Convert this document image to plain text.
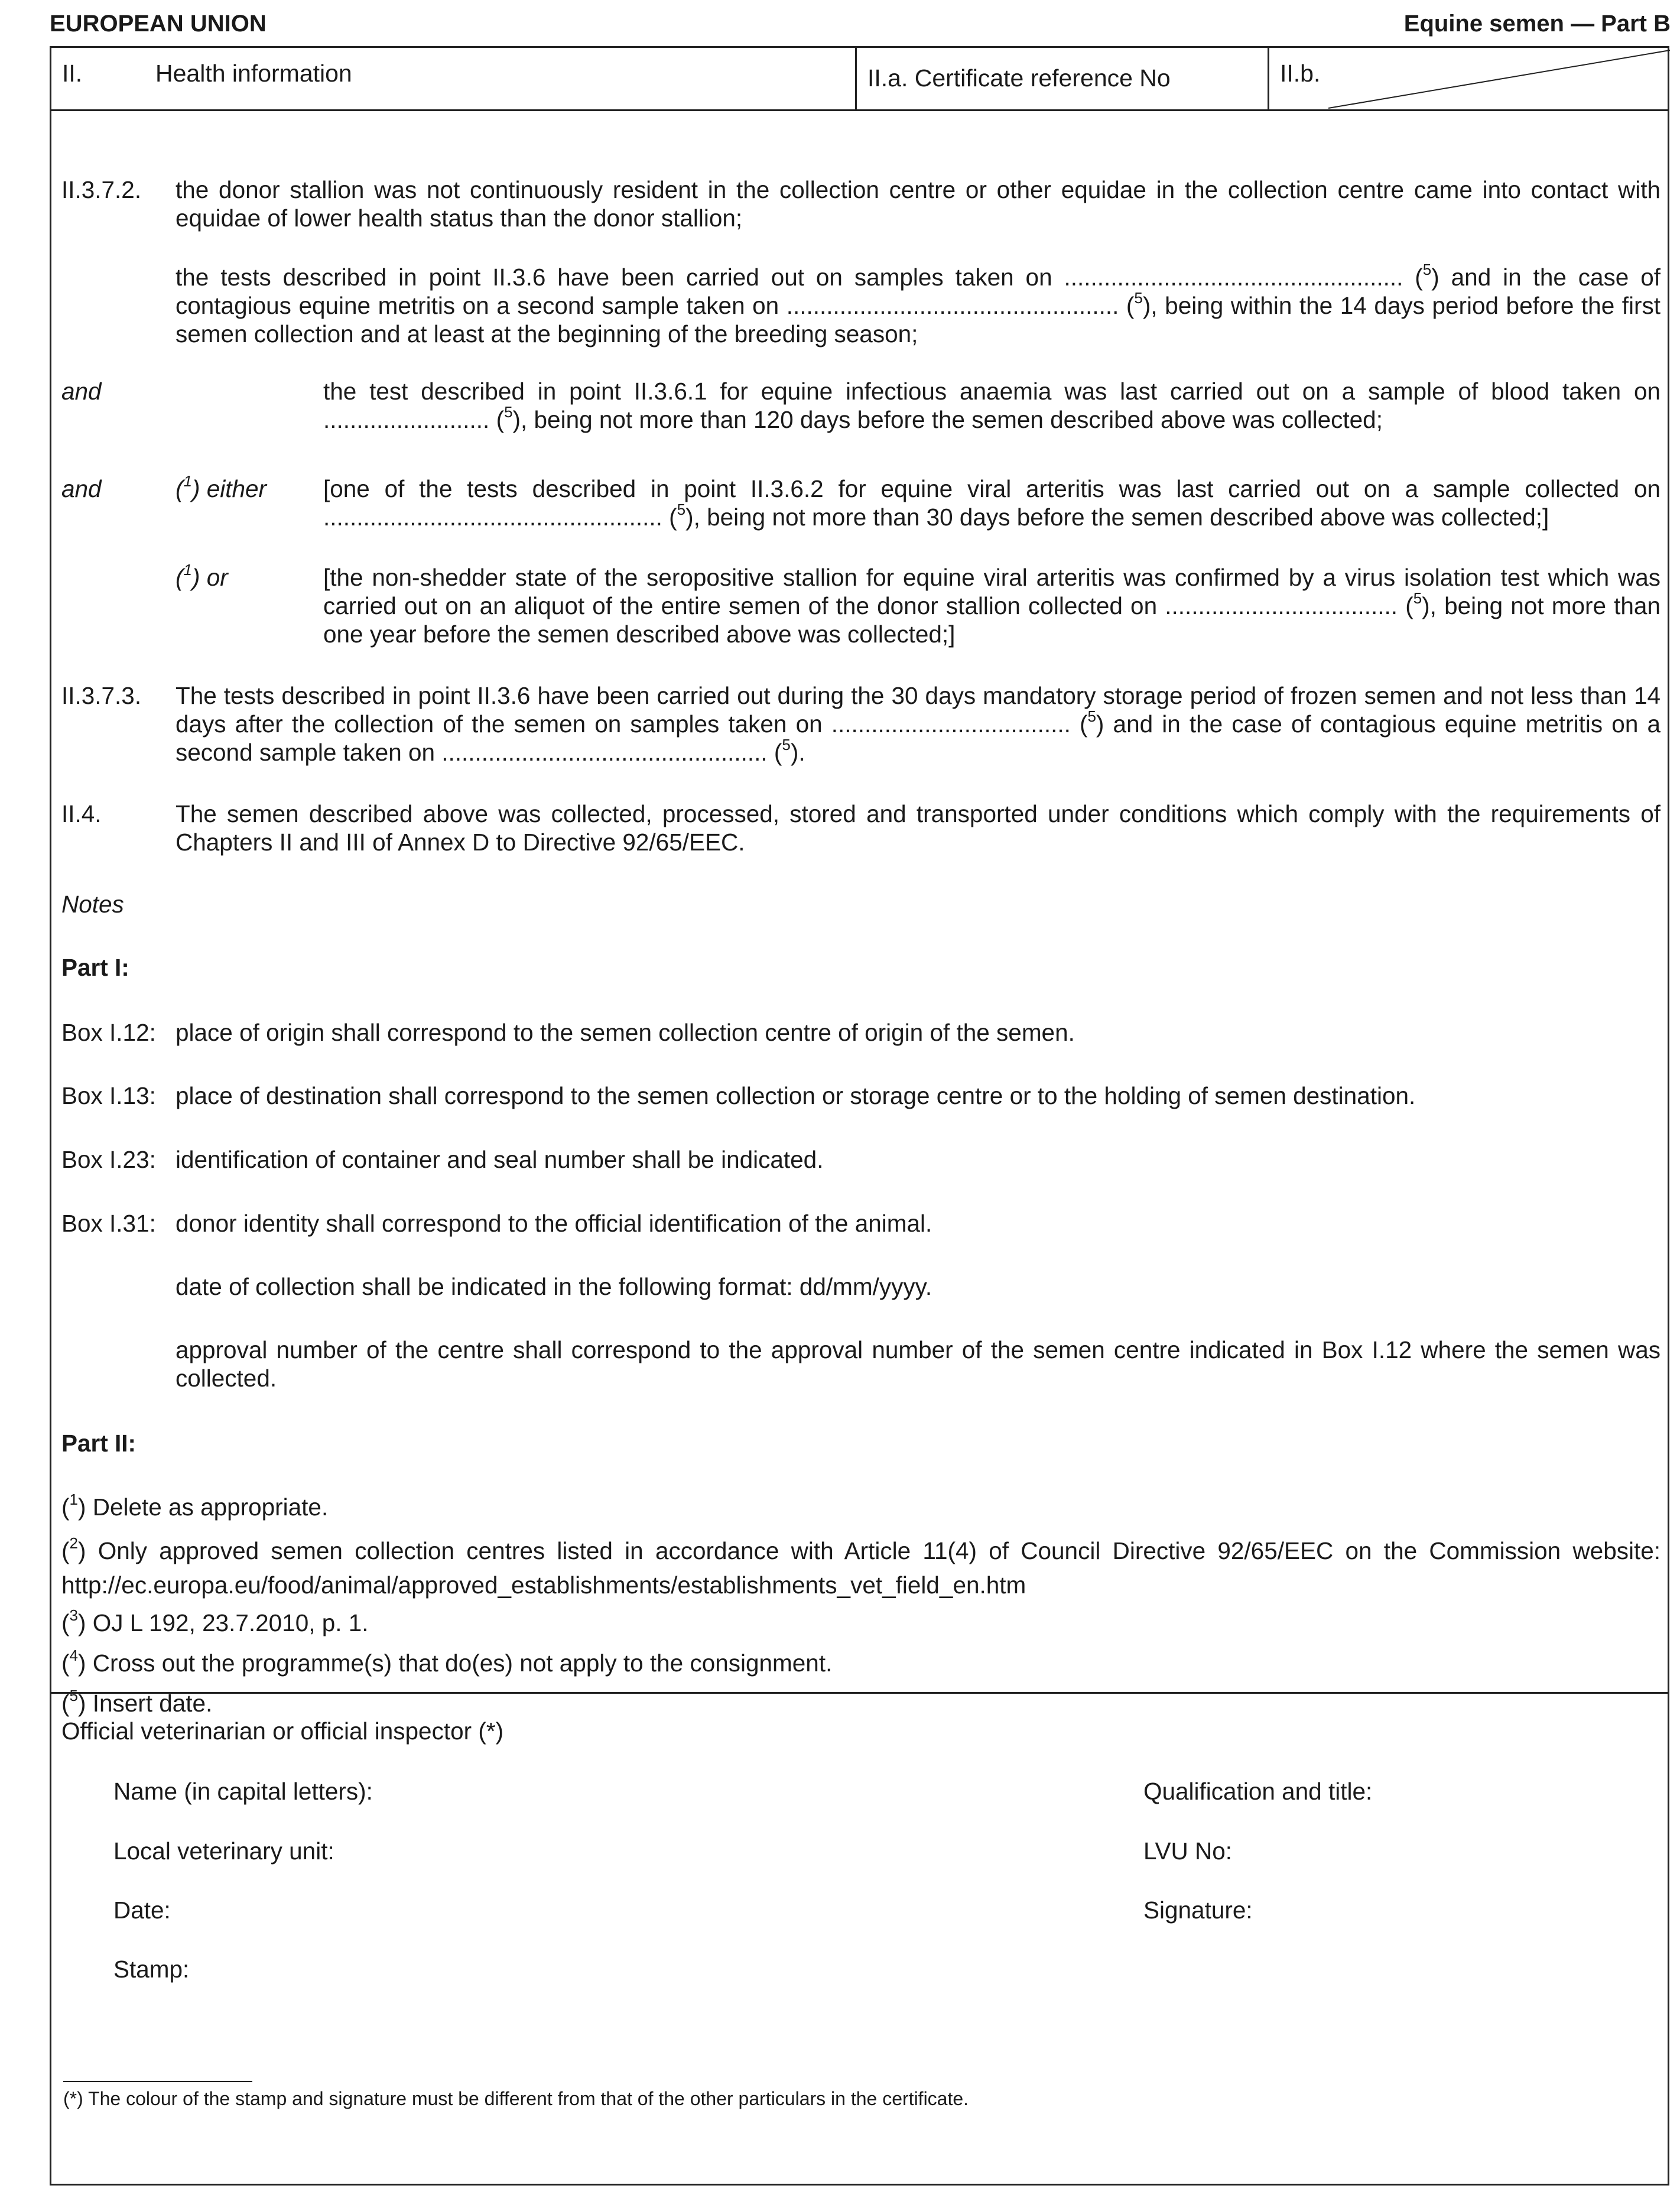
EUROPEAN UNION	Equine semen — Part B
II.	Health information	II.a. Certificate reference No	II.b.
II.3.7.2. the donor stallion was not continuously resident in the collection centre or other equidae in the collection centre came into contact with equidae of lower health status than the donor stallion;

the tests described in point II.3.6 have been carried out on samples taken on ................................................... ($^5$) and in the case of contagious equine metritis on a second sample taken on .................................................. ($^5$), being within the 14 days period before the first semen collection and at least at the beginning of the breeding season;

and	the test described in point II.3.6.1 for equine infectious anaemia was last carried out on a sample of blood taken on ......................... ($^5$), being not more than 120 days before the semen described above was collected;

and	($^1$) either [one of the tests described in point II.3.6.2 for equine viral arteritis was last carried out on a sample collected on ................................................... ($^5$), being not more than 30 days before the semen described above was collected;]

($^1$) or	[the non-shedder state of the seropositive stallion for equine viral arteritis was confirmed by a virus isolation test which was carried out on an aliquot of the entire semen of the donor stallion collected on ................................... ($^5$), being not more than one year before the semen described above was collected;]

II.3.7.3. The tests described in point II.3.6 have been carried out during the 30 days mandatory storage period of frozen semen and not less than 14 days after the collection of the semen on samples taken on .................................... ($^5$) and in the case of contagious equine metritis on a second sample taken on ................................................. ($^5$).

II.4.	The semen described above was collected, processed, stored and transported under conditions which comply with the requirements of Chapters II and III of Annex D to Directive 92/65/EEC.

Notes
Part I:
Box I.12: place of origin shall correspond to the semen collection centre of origin of the semen.

Box I.13: place of destination shall correspond to the semen collection or storage centre or to the holding of semen destination.

Box I.23: identification of container and seal number shall be indicated.

Box I.31: donor identity shall correspond to the official identification of the animal.

date of collection shall be indicated in the following format: dd/mm/yyyy.

approval number of the centre shall correspond to the approval number of the semen centre indicated in Box I.12 where the semen was collected.

Part II:

($^1$) Delete as appropriate.

($^2$) Only approved semen collection centres listed in accordance with Article 11(4) of Council Directive 92/65/EEC on the Commission website: http://ec.europa.eu/food/animal/approved_establishments/establishments_vet_field_en.htm

($^3$) OJ L 192, 23.7.2010, p. 1.

($^4$) Cross out the programme(s) that do(es) not apply to the consignment.

($^5$) Insert date.

Official veterinarian or official inspector (*)
Name (in capital letters):	Qualification and title:
Local veterinary unit:	LVU No:
Date:	Signature:
Stamp:
(*) The colour of the stamp and signature must be different from that of the other particulars in the certificate.
